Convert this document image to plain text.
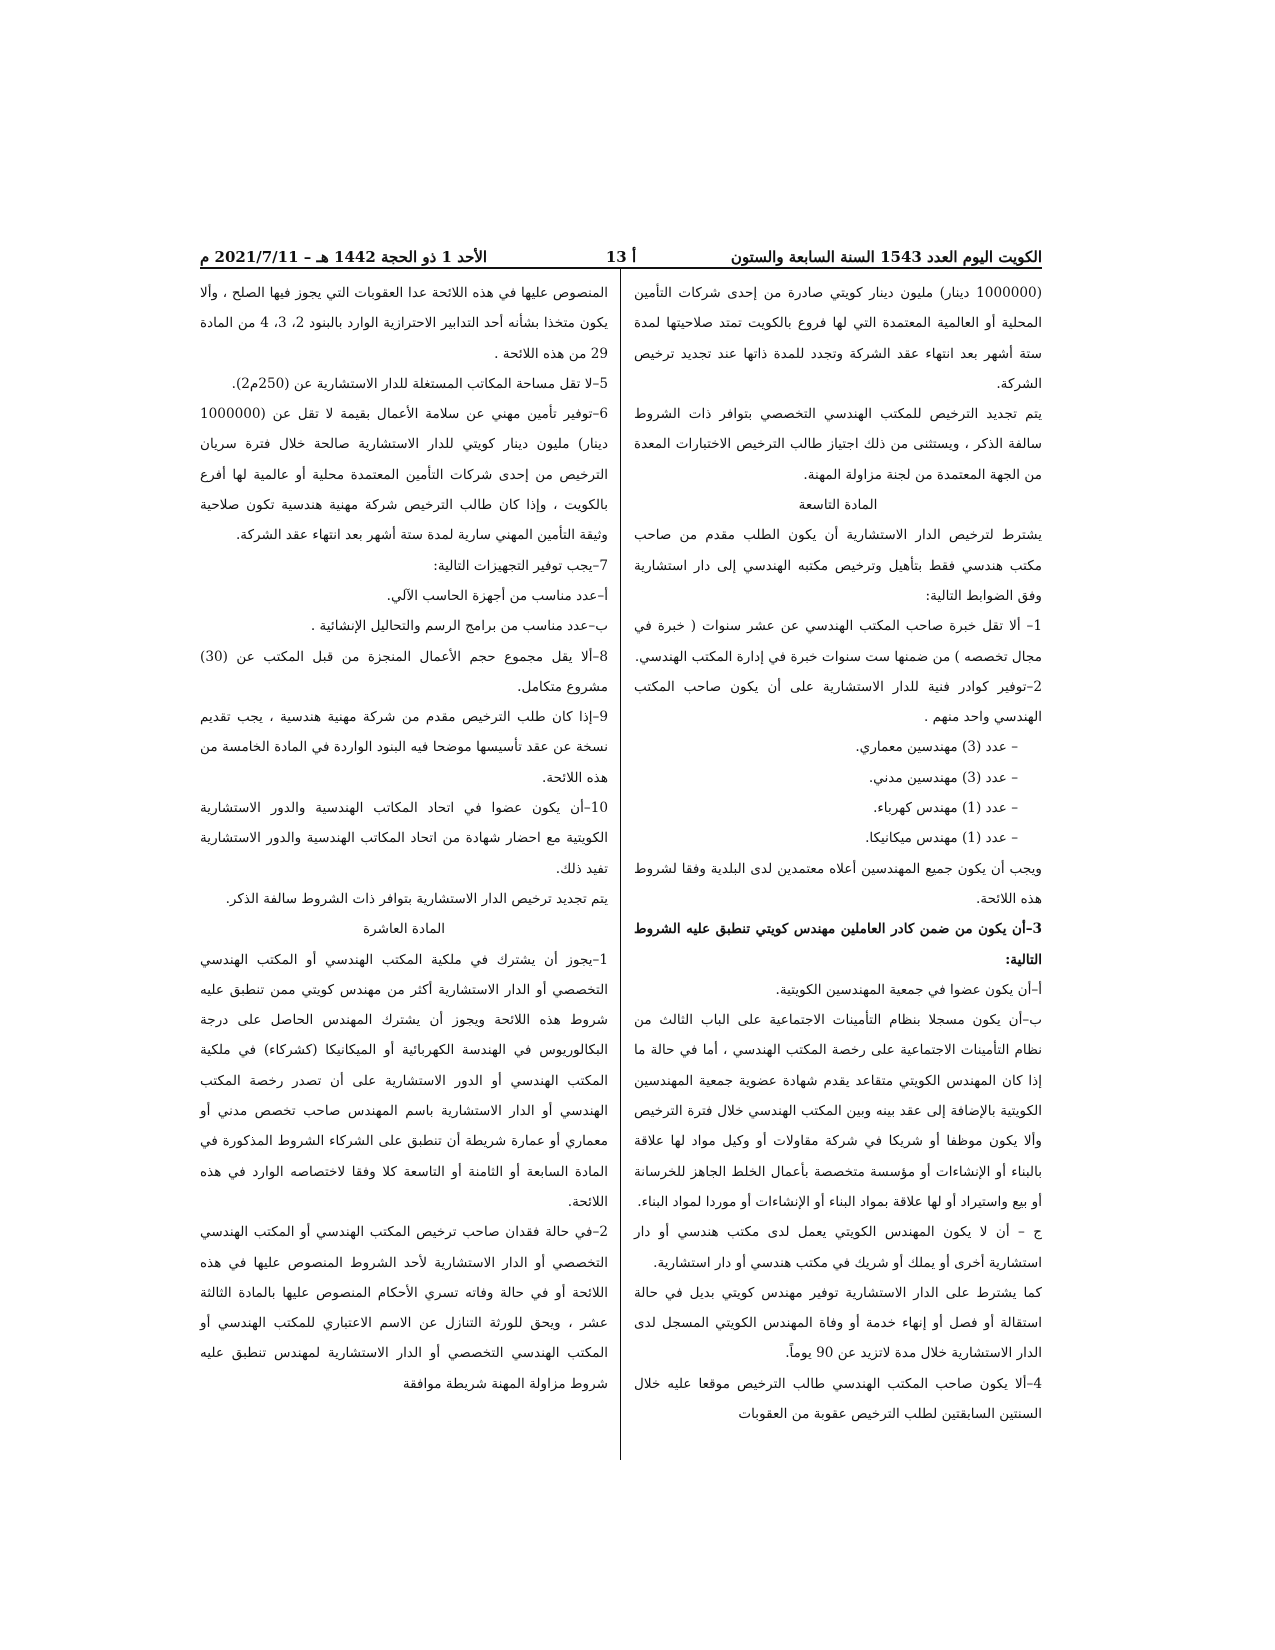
الكويت اليوم العدد 1543 السنة السابعة والستون
أ 13
الأحد 1 ذو الحجة 1442 هـ – 2021/7/11 م

(1000000 دينار) مليون دينار كويتي صادرة من إحدى شركات التأمين المحلية أو العالمية المعتمدة التي لها فروع بالكويت تمتد صلاحيتها لمدة ستة أشهر بعد انتهاء عقد الشركة وتجدد للمدة ذاتها عند تجديد ترخيص الشركة.

يتم تجديد الترخيص للمكتب الهندسي التخصصي بتوافر ذات الشروط سالفة الذكر ، ويستثنى من ذلك اجتياز طالب الترخيص الاختبارات المعدة من الجهة المعتمدة من لجنة مزاولة المهنة.

المادة التاسعة

يشترط لترخيص الدار الاستشارية أن يكون الطلب مقدم من صاحب مكتب هندسي فقط بتأهيل وترخيص مكتبه الهندسي إلى دار استشارية وفق الضوابط التالية:

1– ألا تقل خبرة صاحب المكتب الهندسي عن عشر سنوات ( خبرة في مجال تخصصه ) من ضمنها ست سنوات خبرة في إدارة المكتب الهندسي.

2–توفير كوادر فنية للدار الاستشارية على أن يكون صاحب المكتب الهندسي واحد منهم .

– عدد (3) مهندسين معماري.

– عدد (3) مهندسين مدني.

– عدد (1) مهندس كهرباء.

– عدد (1) مهندس ميكانيكا.

ويجب أن يكون جميع المهندسين أعلاه معتمدين لدى البلدية وفقا لشروط هذه اللائحة.

3–أن يكون من ضمن كادر العاملين مهندس كويتي تنطبق عليه الشروط التالية:

أ–أن يكون عضوا في جمعية المهندسين الكويتية.

ب–أن يكون مسجلا بنظام التأمينات الاجتماعية على الباب الثالث من نظام التأمينات الاجتماعية على رخصة المكتب الهندسي ، أما في حالة ما إذا كان المهندس الكويتي متقاعد يقدم شهادة عضوية جمعية المهندسين الكويتية بالإضافة إلى عقد بينه وبين المكتب الهندسي خلال فترة الترخيص وألا يكون موظفا أو شريكا في شركة مقاولات أو وكيل مواد لها علاقة بالبناء أو الإنشاءات أو مؤسسة متخصصة بأعمال الخلط الجاهز للخرسانة أو بيع واستيراد أو لها علاقة بمواد البناء أو الإنشاءات أو موردا لمواد البناء.

ج – أن لا يكون المهندس الكويتي يعمل لدى مكتب هندسي أو دار استشارية أخرى أو يملك أو شريك في مكتب هندسي أو دار استشارية.

كما يشترط على الدار الاستشارية توفير مهندس كويتي بديل في حالة استقالة أو فصل أو إنهاء خدمة أو وفاة المهندس الكويتي المسجل لدى الدار الاستشارية خلال مدة لاتزيد عن 90 يوماً.

4–ألا يكون صاحب المكتب الهندسي طالب الترخيص موقعا عليه خلال السنتين السابقتين لطلب الترخيص عقوبة من العقوبات

المنصوص عليها في هذه اللائحة عدا العقوبات التي يجوز فيها الصلح ، وألا يكون متخذا بشأنه أحد التدابير الاحترازية الوارد بالبنود 2، 3، 4 من المادة 29 من هذه اللائحة .

5–لا تقل مساحة المكاتب المستغلة للدار الاستشارية عن (250م2).

6–توفير تأمين مهني عن سلامة الأعمال بقيمة لا تقل عن (1000000 دينار) مليون دينار كويتي للدار الاستشارية صالحة خلال فترة سريان الترخيص من إحدى شركات التأمين المعتمدة محلية أو عالمية لها أفرع بالكويت ، وإذا كان طالب الترخيص شركة مهنية هندسية تكون صلاحية وثيقة التأمين المهني سارية لمدة ستة أشهر بعد انتهاء عقد الشركة.

7–يجب توفير التجهيزات التالية:

أ–عدد مناسب من أجهزة الحاسب الآلي.

ب–عدد مناسب من برامج الرسم والتحاليل الإنشائية .

8–ألا يقل مجموع حجم الأعمال المنجزة من قبل المكتب عن (30) مشروع متكامل.

9–إذا كان طلب الترخيص مقدم من شركة مهنية هندسية ، يجب تقديم نسخة عن عقد تأسيسها موضحا فيه البنود الواردة في المادة الخامسة من هذه اللائحة.

10–أن يكون عضوا في اتحاد المكاتب الهندسية والدور الاستشارية الكويتية مع احضار شهادة من اتحاد المكاتب الهندسية والدور الاستشارية تفيد ذلك.

يتم تجديد ترخيص الدار الاستشارية بتوافر ذات الشروط سالفة الذكر.

المادة العاشرة

1–يجوز أن يشترك في ملكية المكتب الهندسي أو المكتب الهندسي التخصصي أو الدار الاستشارية أكثر من مهندس كويتي ممن تنطبق عليه شروط هذه اللائحة ويجوز أن يشترك المهندس الحاصل على درجة البكالوريوس في الهندسة الكهربائية أو الميكانيكا (كشركاء) في ملكية المكتب الهندسي أو الدور الاستشارية على أن تصدر رخصة المكتب الهندسي أو الدار الاستشارية باسم المهندس صاحب تخصص مدني أو معماري أو عمارة شريطة أن تنطبق على الشركاء الشروط المذكورة في المادة السابعة أو الثامنة أو التاسعة كلا وفقا لاختصاصه الوارد في هذه اللائحة.

2–في حالة فقدان صاحب ترخيص المكتب الهندسي أو المكتب الهندسي التخصصي أو الدار الاستشارية لأحد الشروط المنصوص عليها في هذه اللائحة أو في حالة وفاته تسري الأحكام المنصوص عليها بالمادة الثالثة عشر ، ويحق للورثة التنازل عن الاسم الاعتباري للمكتب الهندسي أو المكتب الهندسي التخصصي أو الدار الاستشارية لمهندس تنطبق عليه شروط مزاولة المهنة شريطة موافقة
